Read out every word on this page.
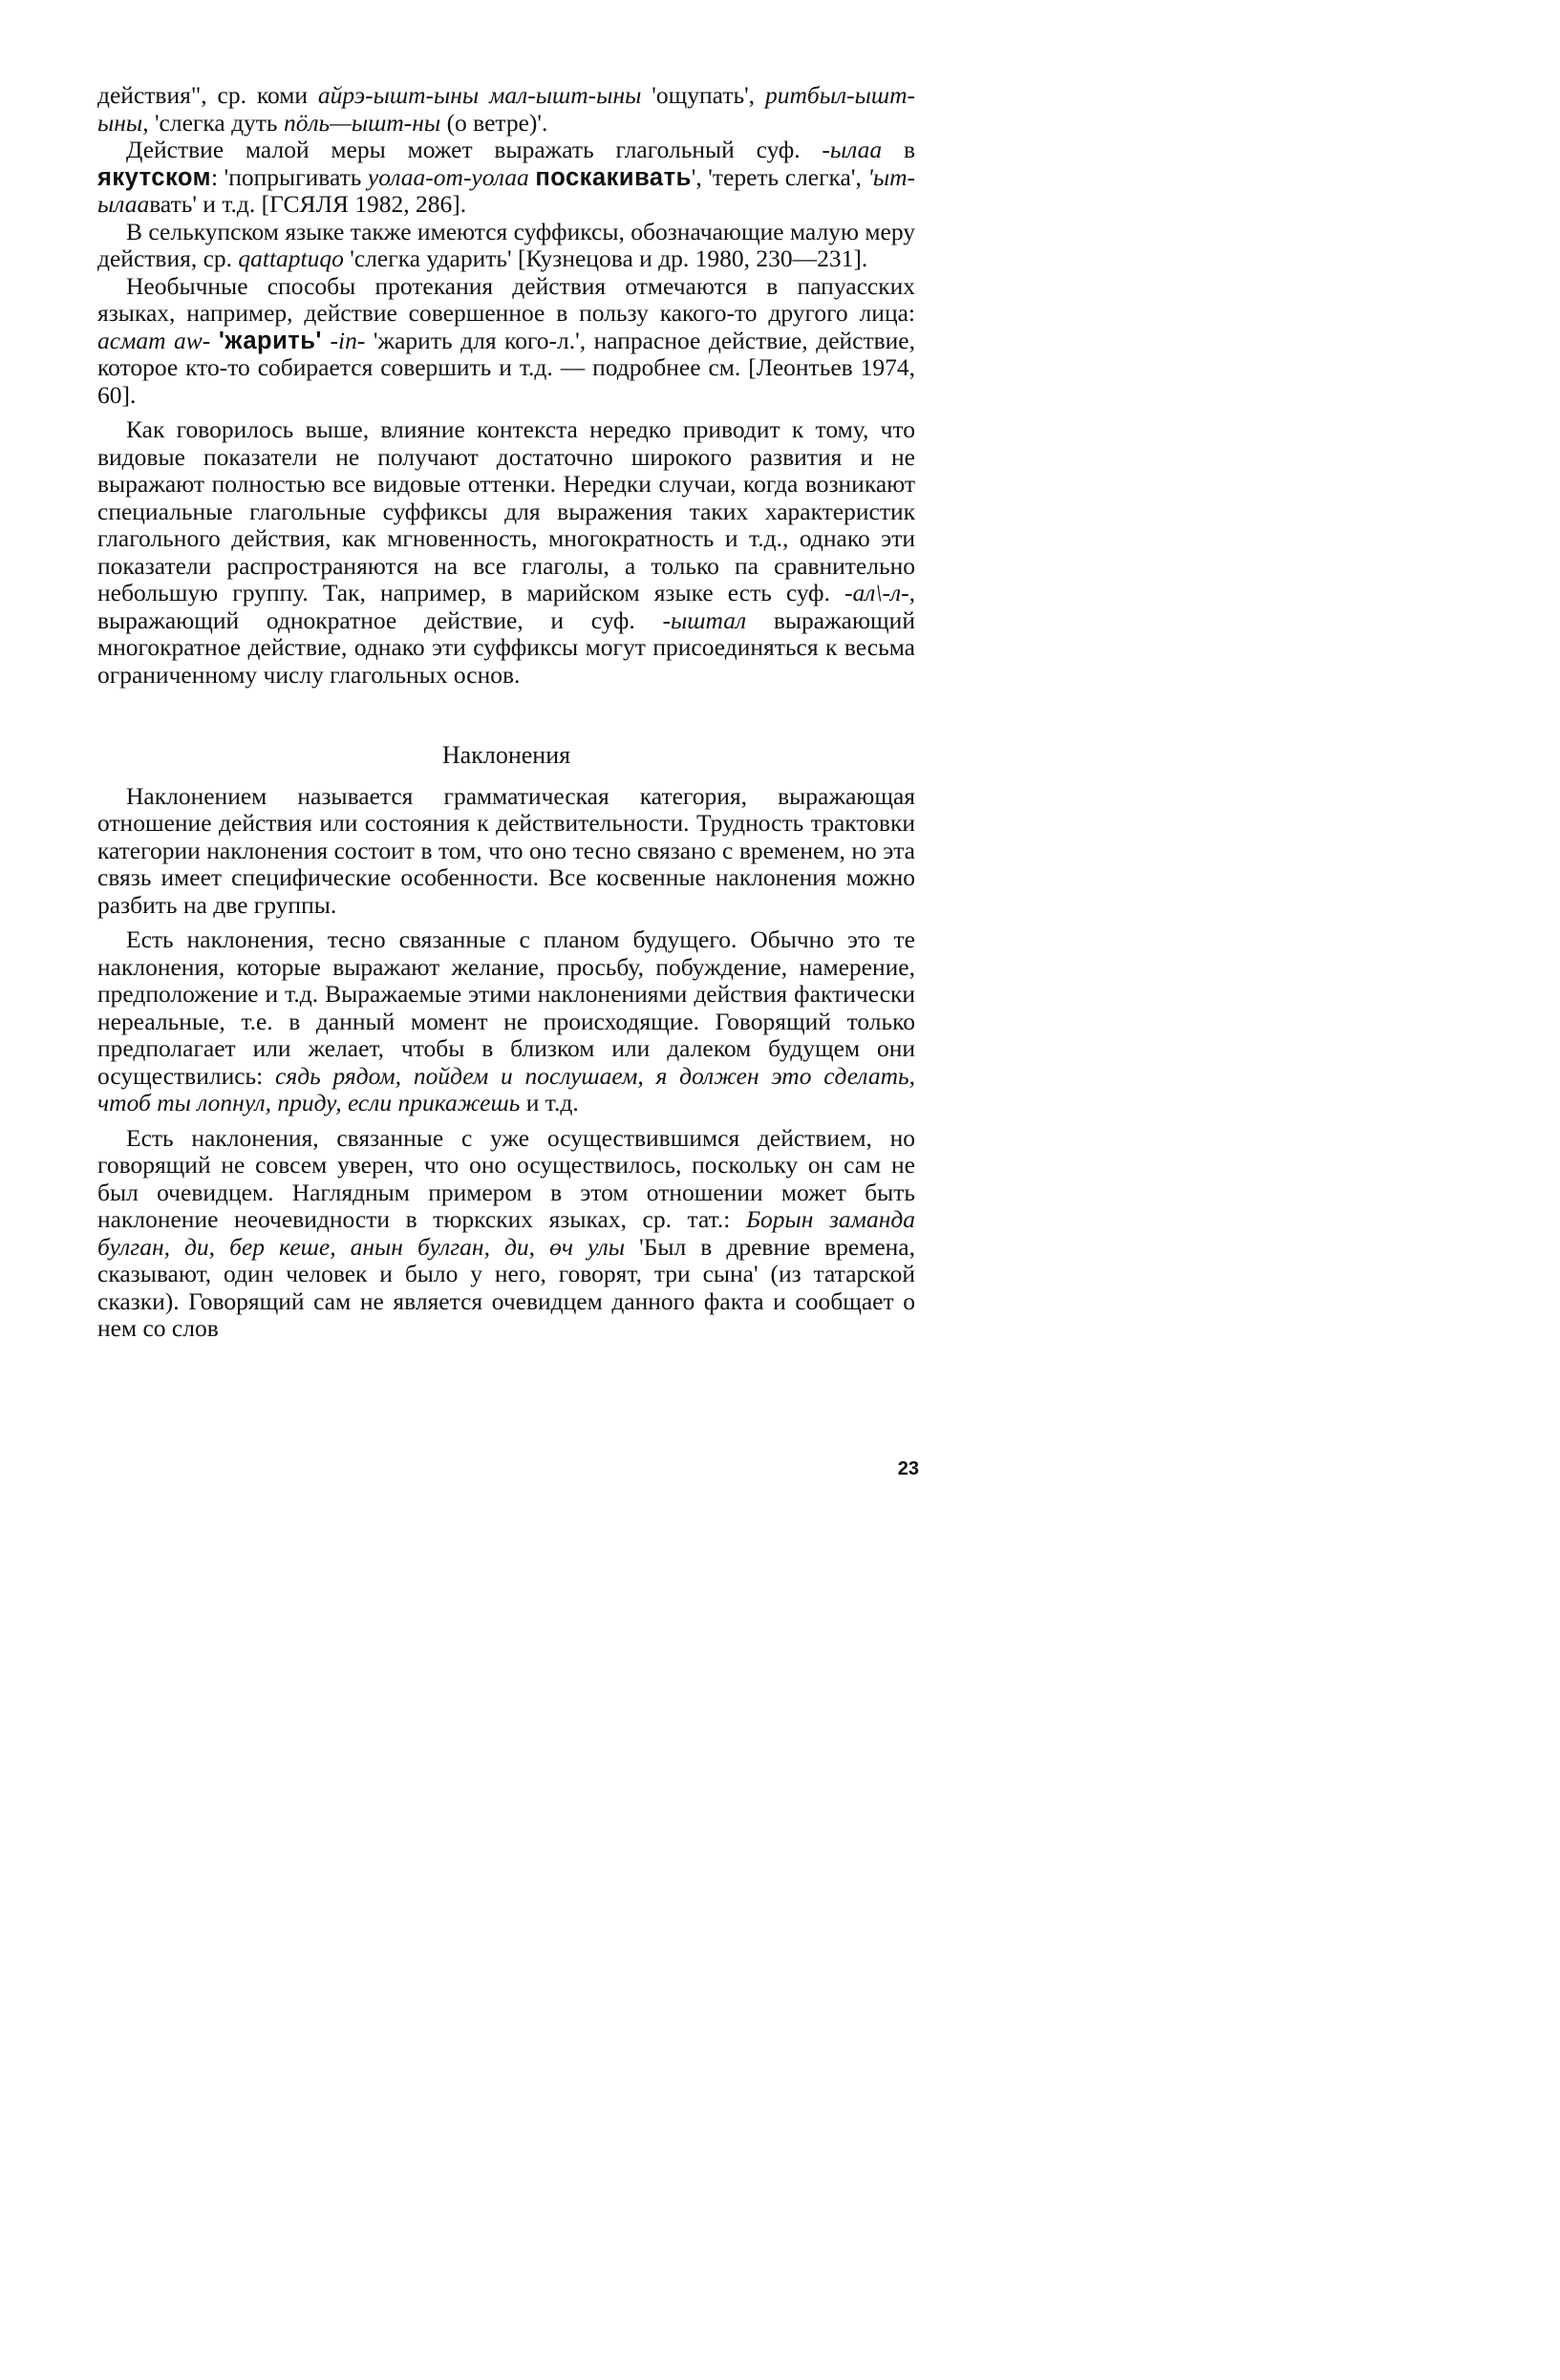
действия", ср. коми айрэ-ышт-ыны мал-ышт-ыны 'ощупать', ритбыл-ышт-ыны, 'слегка дуть пöль—ышт-ны (о ветре)'.

Действие малой меры может выражать глагольный суф. -ылаа в якутском: 'попрыгивать уолаа-от-уолаа поскакивать', 'тереть слегка', 'ыт-ылаавать' и т.д. [ГСЯЛЯ 1982, 286].

В селькупском языке также имеются суффиксы, обозначающие малую меру действия, ср. qattaptuqo 'слегка ударить' [Кузнецова и др. 1980, 230—231].

Необычные способы протекания действия отмечаются в папуасских языках, например, действие совершенное в пользу какого-то другого лица: асмат aw- 'жарить' -in- 'жарить для кого-л.', напрасное действие, действие, которое кто-то собирается совершить и т.д. — подробнее см. [Леонтьев 1974, 60].

Как говорилось выше, влияние контекста нередко приводит к тому, что видовые показатели не получают достаточно широкого развития и не выражают полностью все видовые оттенки. Нередки случаи, когда возникают специальные глагольные суффиксы для выражения таких характеристик глагольного действия, как мгновенность, многократность и т.д., однако эти показатели распространяются на все глаголы, а только па сравнительно небольшую группу. Так, например, в марийском языке есть суф. -ал\-л-, выражающий однократное действие, и суф. -ыштал выражающий многократное действие, однако эти суффиксы могут присоединяться к весьма ограниченному числу глагольных основ.

Наклонения

Наклонением называется грамматическая категория, выражающая отношение действия или состояния к действительности. Трудность трактовки категории наклонения состоит в том, что оно тесно связано с временем, но эта связь имеет специфические особенности. Все косвенные наклонения можно разбить на две группы.

Есть наклонения, тесно связанные с планом будущего. Обычно это те наклонения, которые выражают желание, просьбу, побуждение, намерение, предположение и т.д. Выражаемые этими наклонениями действия фактически нереальные, т.е. в данный момент не происходящие. Говорящий только предполагает или желает, чтобы в близком или далеком будущем они осуществились: сядь рядом, пойдем и послушаем, я должен это сделать, чтоб ты лопнул, приду, если прикажешь и т.д.

Есть наклонения, связанные с уже осуществившимся действием, но говорящий не совсем уверен, что оно осуществилось, поскольку он сам не был очевидцем. Наглядным примером в этом отношении может быть наклонение неочевидности в тюркских языках, ср. тат.: Борын заманда булган, ди, бер кеше, анын булган, ди, өч улы 'Был в древние времена, сказывают, один человек и было у него, говорят, три сына' (из татарской сказки). Говорящий сам не является очевидцем данного факта и сообщает о нем со слов

23
